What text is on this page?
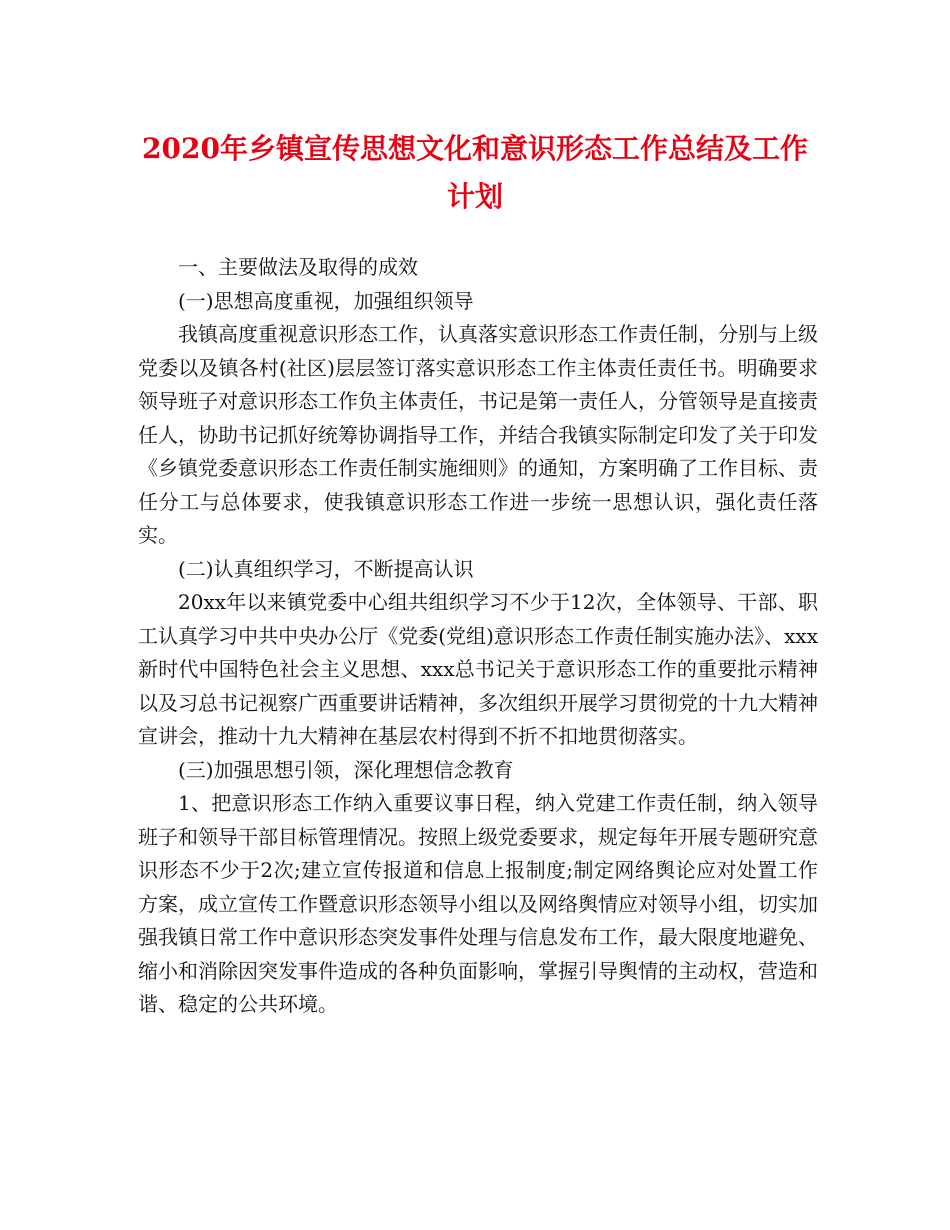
2020年乡镇宣传思想文化和意识形态工作总结及工作
计划

一、主要做法及取得的成效

(一)思想高度重视，加强组织领导

我镇高度重视意识形态工作，认真落实意识形态工作责任制，分别与上级党委以及镇各村(社区)层层签订落实意识形态工作主体责任责任书。明确要求领导班子对意识形态工作负主体责任，书记是第一责任人，分管领导是直接责任人，协助书记抓好统筹协调指导工作，并结合我镇实际制定印发了关于印发《乡镇党委意识形态工作责任制实施细则》的通知，方案明确了工作目标、责任分工与总体要求，使我镇意识形态工作进一步统一思想认识，强化责任落实。

(二)认真组织学习，不断提高认识

20xx年以来镇党委中心组共组织学习不少于12次，全体领导、干部、职工认真学习中共中央办公厅《党委(党组)意识形态工作责任制实施办法》、xxx新时代中国特色社会主义思想、xxx总书记关于意识形态工作的重要批示精神以及习总书记视察广西重要讲话精神，多次组织开展学习贯彻党的十九大精神宣讲会，推动十九大精神在基层农村得到不折不扣地贯彻落实。

(三)加强思想引领，深化理想信念教育

1、把意识形态工作纳入重要议事日程，纳入党建工作责任制，纳入领导班子和领导干部目标管理情况。按照上级党委要求，规定每年开展专题研究意识形态不少于2次;建立宣传报道和信息上报制度;制定网络舆论应对处置工作方案，成立宣传工作暨意识形态领导小组以及网络舆情应对领导小组，切实加强我镇日常工作中意识形态突发事件处理与信息发布工作，最大限度地避免、缩小和消除因突发事件造成的各种负面影响，掌握引导舆情的主动权，营造和谐、稳定的公共环境。
